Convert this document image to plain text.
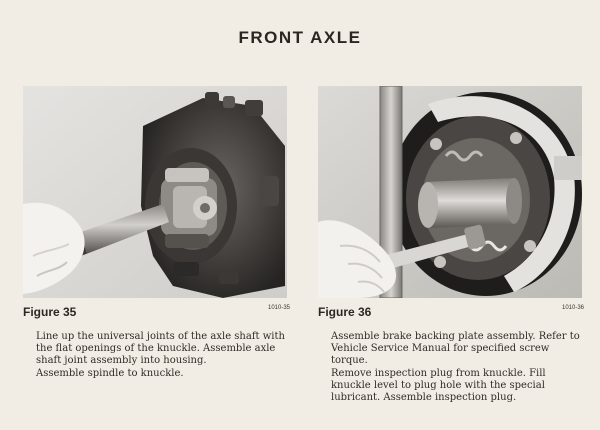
FRONT AXLE
Figure 35	1010-35 Figure 36	1010-36

Line up the universal joints of the axle shaft with the flat openings of the knuckle. Assemble axle shaft joint assembly into housing.

Assemble spindle to knuckle.

Assemble brake backing plate assembly. Refer to Vehicle Service Manual for specified screw torque.

Remove inspection plug from knuckle. Fill knuckle level to plug hole with the special lubricant. Assemble inspection plug.
